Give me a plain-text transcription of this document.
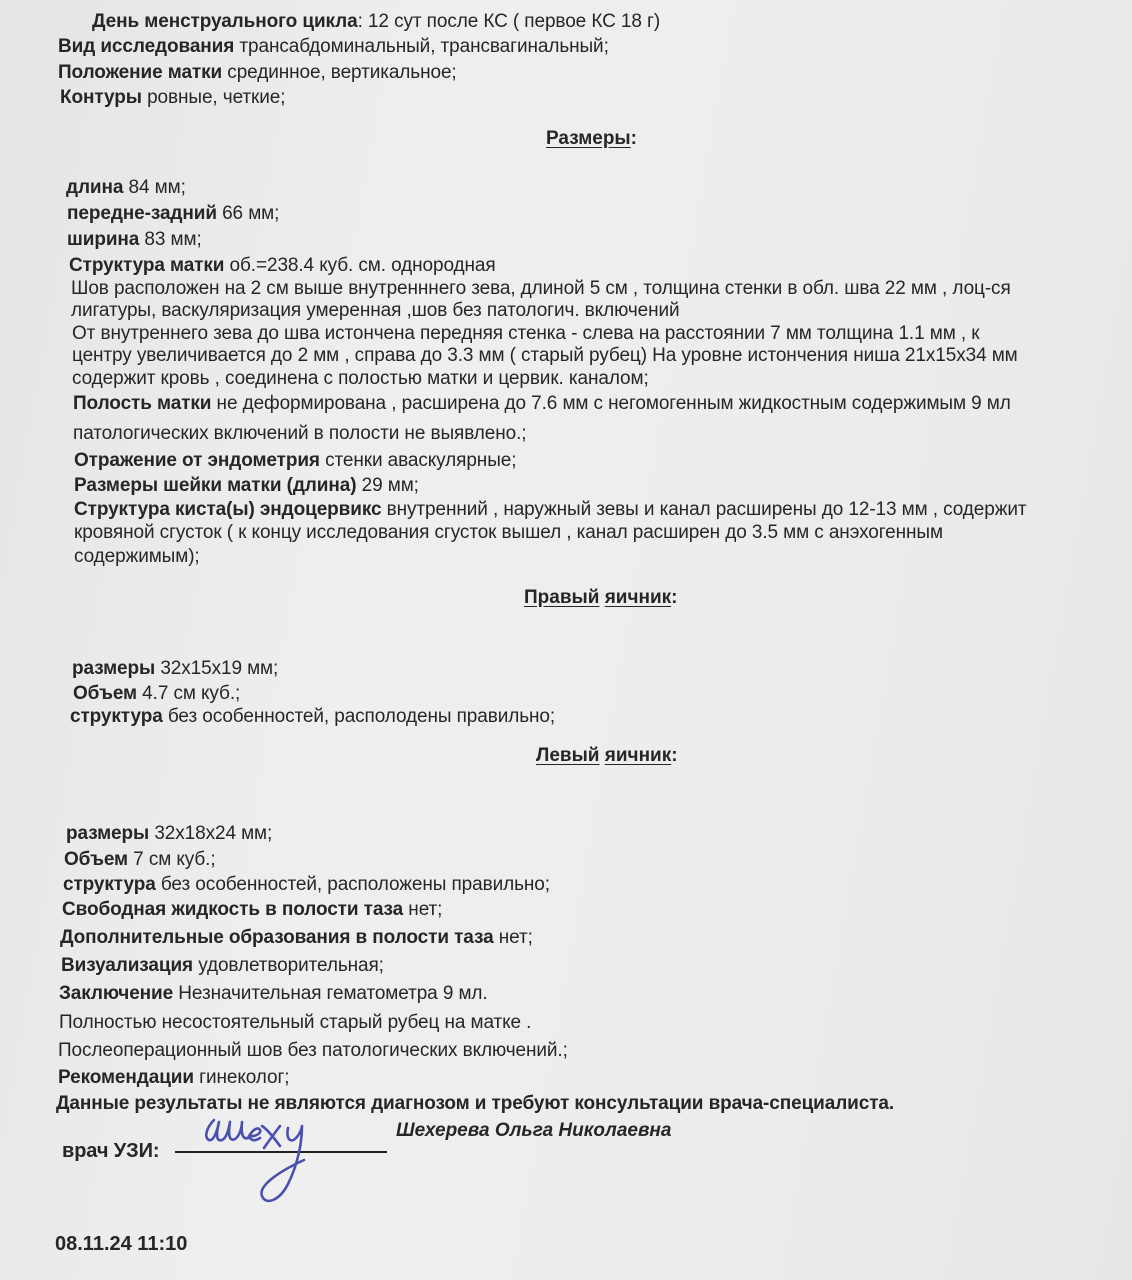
День менструального цикла: 12 сут после КС ( первое КС 18 г)
Вид исследования трансабдоминальный, трансвагинальный;
Положение матки срединное, вертикальное;
Контуры ровные, четкие;
Размеры:
длина 84 мм;
передне-задний 66 мм;
ширина 83 мм;
Структура матки об.=238.4 куб. см. однородная
Шов расположен на 2 см выше внутренннего зева, длиной 5 см , толщина стенки в обл. шва 22 мм , лоц-ся
лигатуры, васкуляризация умеренная ,шов без патологич. включений
От внутреннего зева до шва истончена передняя стенка - слева на расстоянии 7 мм толщина 1.1 мм , к
центру увеличивается до 2 мм , справа до 3.3 мм ( старый рубец) На уровне истончения ниша 21х15х34 мм
содержит кровь , соединена с полостью матки и цервик. каналом;
Полость матки не деформирована , расширена до 7.6 мм с негомогенным жидкостным содержимым 9 мл
патологических включений в полости не выявлено.;
Отражение от эндометрия стенки аваскулярные;
Размеры шейки матки (длина) 29 мм;
Структура киста(ы) эндоцервикс внутренний , наружный зевы и канал расширены до 12-13 мм , содержит
кровяной сгусток ( к концу исследования сгусток вышел , канал расширен до 3.5 мм с анэхогенным
содержимым);
Правый яичник:
размеры 32х15х19 мм;
Объем 4.7 см куб.;
структура без особенностей, располодены правильно;
Левый яичник:
размеры 32х18х24 мм;
Объем 7 см куб.;
структура без особенностей, расположены правильно;
Свободная жидкость в полости таза нет;
Дополнительные образования в полости таза нет;
Визуализация удовлетворительная;
Заключение Незначительная гематометра 9 мл.
Полностью несостоятельный старый рубец на матке .
Послеоперационный шов без патологических включений.;
Рекомендации гинеколог;
Данные результаты не являются диагнозом и требуют консультации врача-специалиста.
врач УЗИ:
Шехерева Ольга Николаевна
08.11.24 11:10
